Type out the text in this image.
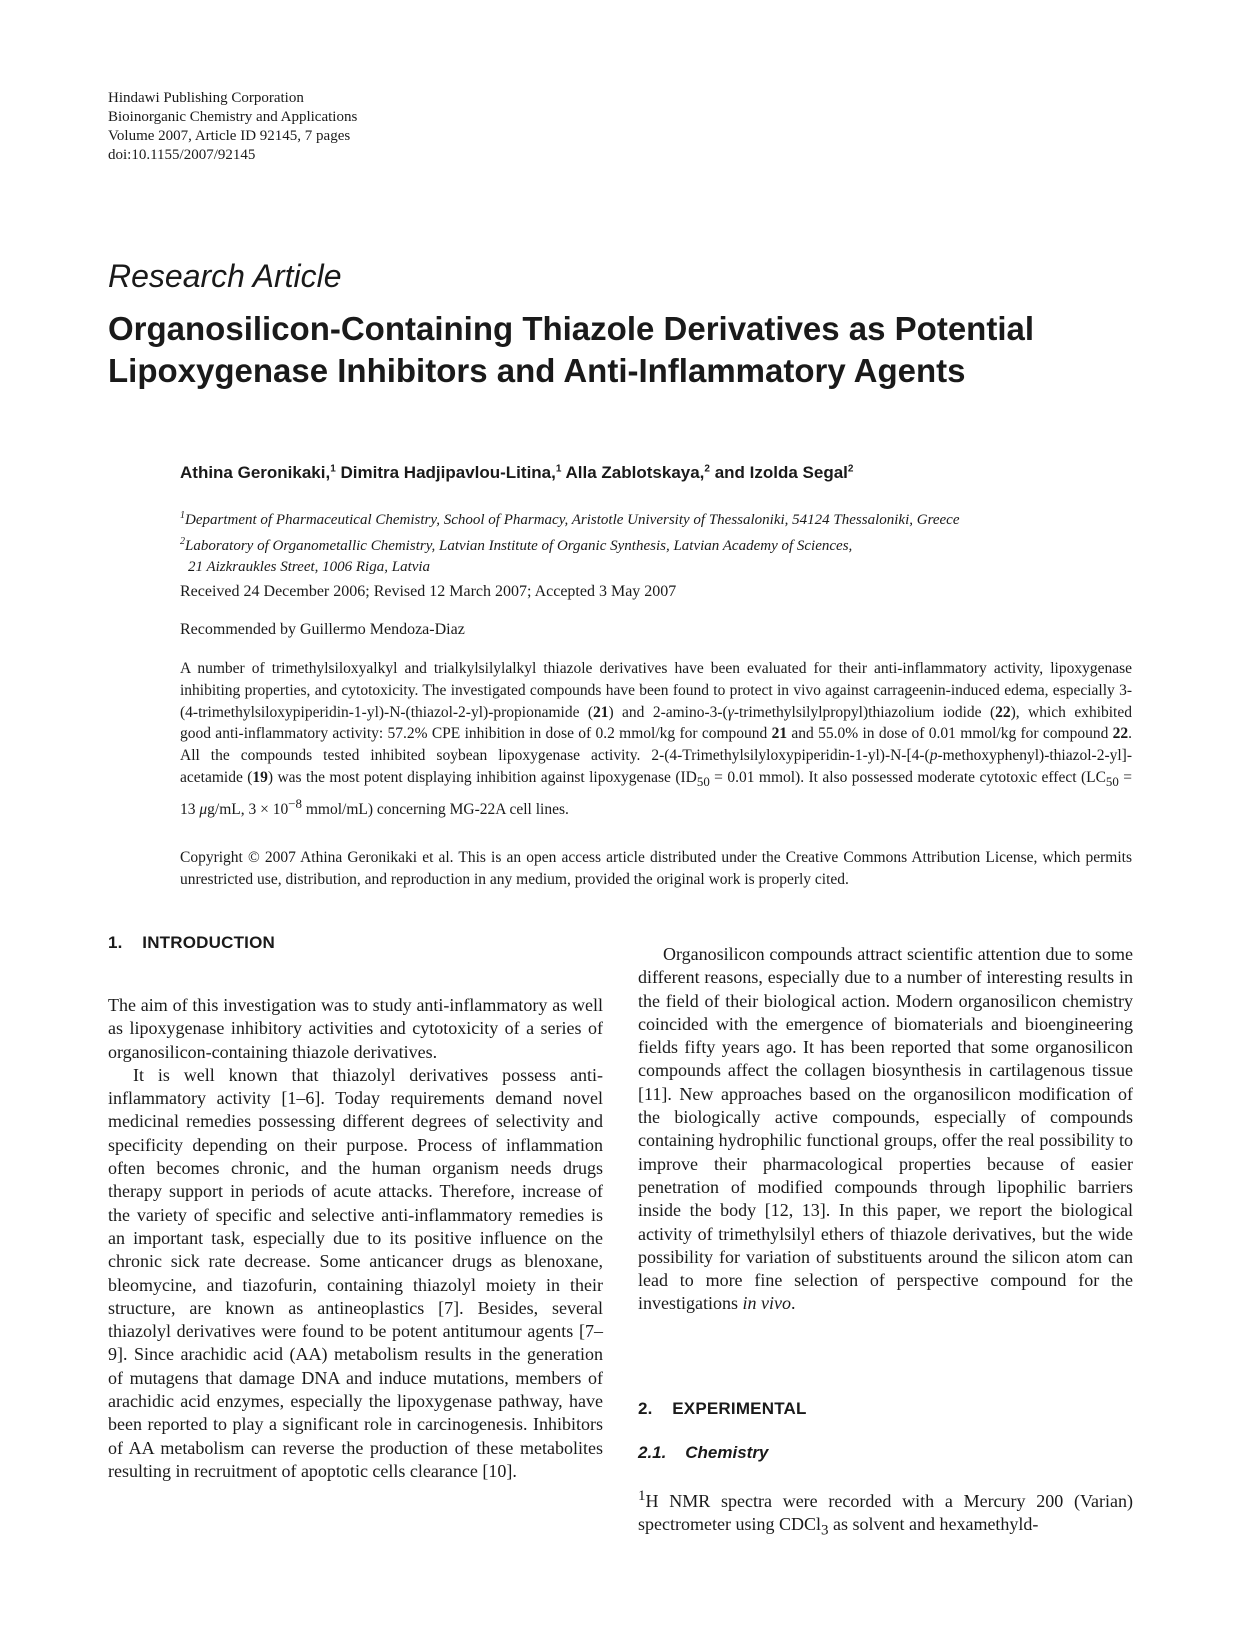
Hindawi Publishing Corporation
Bioinorganic Chemistry and Applications
Volume 2007, Article ID 92145, 7 pages
doi:10.1155/2007/92145
Research Article
Organosilicon-Containing Thiazole Derivatives as Potential
Lipoxygenase Inhibitors and Anti-Inflammatory Agents
Athina Geronikaki,$^1$ Dimitra Hadjipavlou-Litina,$^1$ Alla Zablotskaya,$^2$ and Izolda Segal$^2$
$^1$Department of Pharmaceutical Chemistry, School of Pharmacy, Aristotle University of Thessaloniki, 54124 Thessaloniki, Greece
$^2$Laboratory of Organometallic Chemistry, Latvian Institute of Organic Synthesis, Latvian Academy of Sciences,
21 Aizkraukles Street, 1006 Riga, Latvia
Received 24 December 2006; Revised 12 March 2007; Accepted 3 May 2007
Recommended by Guillermo Mendoza-Diaz
A number of trimethylsiloxyalkyl and trialkylsilylalkyl thiazole derivatives have been evaluated for their anti-inflammatory activity, lipoxygenase inhibiting properties, and cytotoxicity. The investigated compounds have been found to protect in vivo against carrageenin-induced edema, especially 3-(4-trimethylsiloxypiperidin-1-yl)-N-(thiazol-2-yl)-propionamide (21) and 2-amino-3-(γ-trimethylsilylpropyl)thiazolium iodide (22), which exhibited good anti-inflammatory activity: 57.2% CPE inhibition in dose of 0.2 mmol/kg for compound 21 and 55.0% in dose of 0.01 mmol/kg for compound 22. All the compounds tested inhibited soybean lipoxygenase activity. 2-(4-Trimethylsilyloxypiperidin-1-yl)-N-[4-(p-methoxyphenyl)-thiazol-2-yl]-acetamide (19) was the most potent displaying inhibition against lipoxygenase ($ID_{50} = 0.01$ mmol). It also possessed moderate cytotoxic effect ($LC_{50} = 13$ μg/mL, $3 \times 10^{-8}$ mmol/mL) concerning MG-22A cell lines.
Copyright © 2007 Athina Geronikaki et al. This is an open access article distributed under the Creative Commons Attribution License, which permits unrestricted use, distribution, and reproduction in any medium, provided the original work is properly cited.
1.    INTRODUCTION

The aim of this investigation was to study anti-inflammatory as well as lipoxygenase inhibitory activities and cytotoxicity of a series of organosilicon-containing thiazole derivatives.

It is well known that thiazolyl derivatives possess anti-inflammatory activity [1–6]. Today requirements demand novel medicinal remedies possessing different degrees of selectivity and specificity depending on their purpose. Process of inflammation often becomes chronic, and the human organism needs drugs therapy support in periods of acute attacks. Therefore, increase of the variety of specific and selective anti-inflammatory remedies is an important task, especially due to its positive influence on the chronic sick rate decrease. Some anticancer drugs as blenoxane, bleomycine, and tiazofurin, containing thiazolyl moiety in their structure, are known as antineoplastics [7]. Besides, several thiazolyl derivatives were found to be potent antitumour agents [7–9]. Since arachidic acid (AA) metabolism results in the generation of mutagens that damage DNA and induce mutations, members of arachidic acid enzymes, especially the lipoxygenase pathway, have been reported to play a significant role in carcinogenesis. Inhibitors of AA metabolism can reverse the production of these metabolites resulting in recruitment of apoptotic cells clearance [10].

Organosilicon compounds attract scientific attention due to some different reasons, especially due to a number of interesting results in the field of their biological action. Modern organosilicon chemistry coincided with the emergence of biomaterials and bioengineering fields fifty years ago. It has been reported that some organosilicon compounds affect the collagen biosynthesis in cartilagenous tissue [11]. New approaches based on the organosilicon modification of the biologically active compounds, especially of compounds containing hydrophilic functional groups, offer the real possibility to improve their pharmacological properties because of easier penetration of modified compounds through lipophilic barriers inside the body [12, 13]. In this paper, we report the biological activity of trimethylsilyl ethers of thiazole derivatives, but the wide possibility for variation of substituents around the silicon atom can lead to more fine selection of perspective compound for the investigations in vivo.

2.    EXPERIMENTAL
2.1.    Chemistry

$^1$H NMR spectra were recorded with a Mercury 200 (Varian) spectrometer using CDCl$_3$ as solvent and hexamethyld-
